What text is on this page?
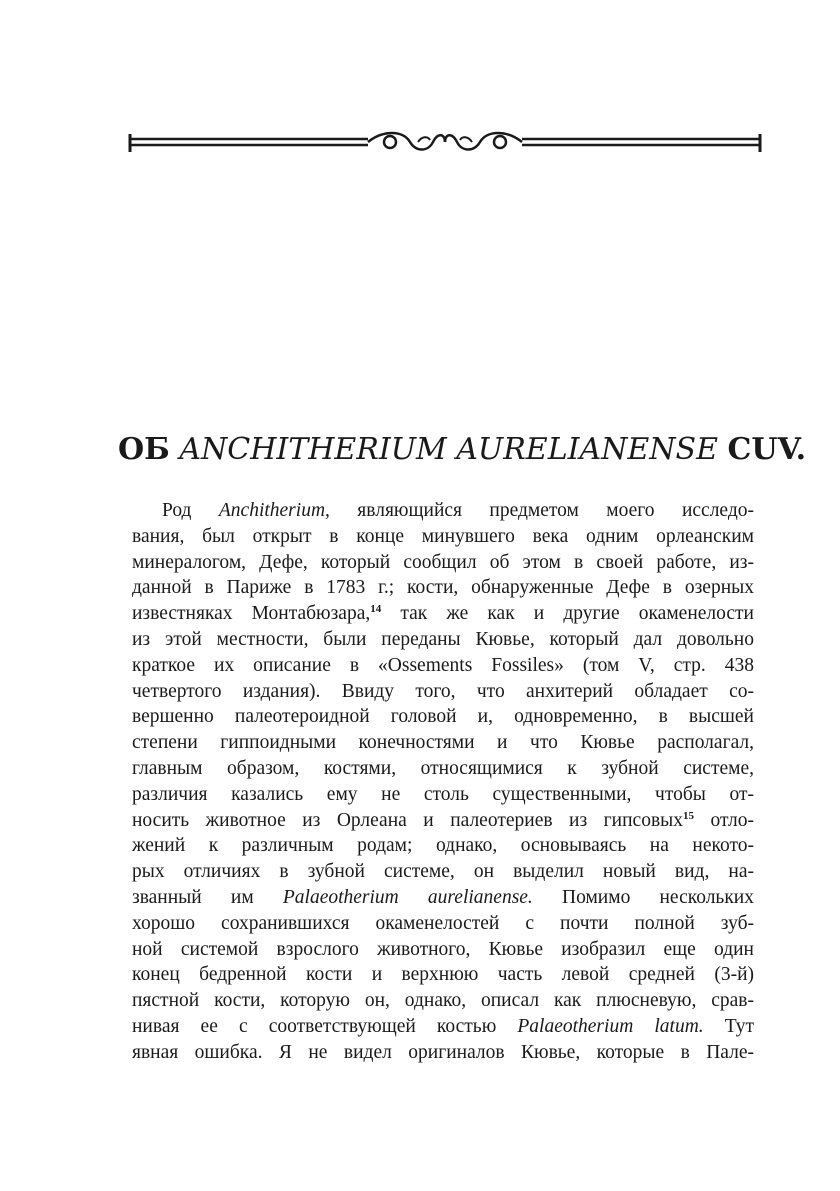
ОБ ANCHITHERIUM AURELIANENSE CUV.
Род Anchitherium, являющийся предметом моего исследо-
вания, был открыт в конце минувшего века одним орлеанским
минералогом, Дефе, который сообщил об этом в своей работе, из-
данной в Париже в 1783 г.; кости, обнаруженные Дефе в озерных
известняках Монтабюзара,$^{14}$ так же как и другие окаменелости
из этой местности, были переданы Кювье, который дал довольно
краткое их описание в «Ossements Fossiles» (том V, стр. 438
четвертого издания). Ввиду того, что анхитерий обладает со-
вершенно палеотероидной головой и, одновременно, в высшей
степени гиппоидными конечностями и что Кювье располагал,
главным образом, костями, относящимися к зубной системе,
различия казались ему не столь существенными, чтобы от-
носить животное из Орлеана и палеотериев из гипсовых$^{15}$ отло-
жений к различным родам; однако, основываясь на некото-
рых отличиях в зубной системе, он выделил новый вид, на-
званный им Palaeotherium aurelianense. Помимо нескольких
хорошо сохранившихся окаменелостей с почти полной зуб-
ной системой взрослого животного, Кювье изобразил еще один
конец бедренной кости и верхнюю часть левой средней (3-й)
пястной кости, которую он, однако, описал как плюсневую, срав-
нивая ее с соответствующей костью Palaeotherium latum. Тут
явная ошибка. Я не видел оригиналов Кювье, которые в Пале-
